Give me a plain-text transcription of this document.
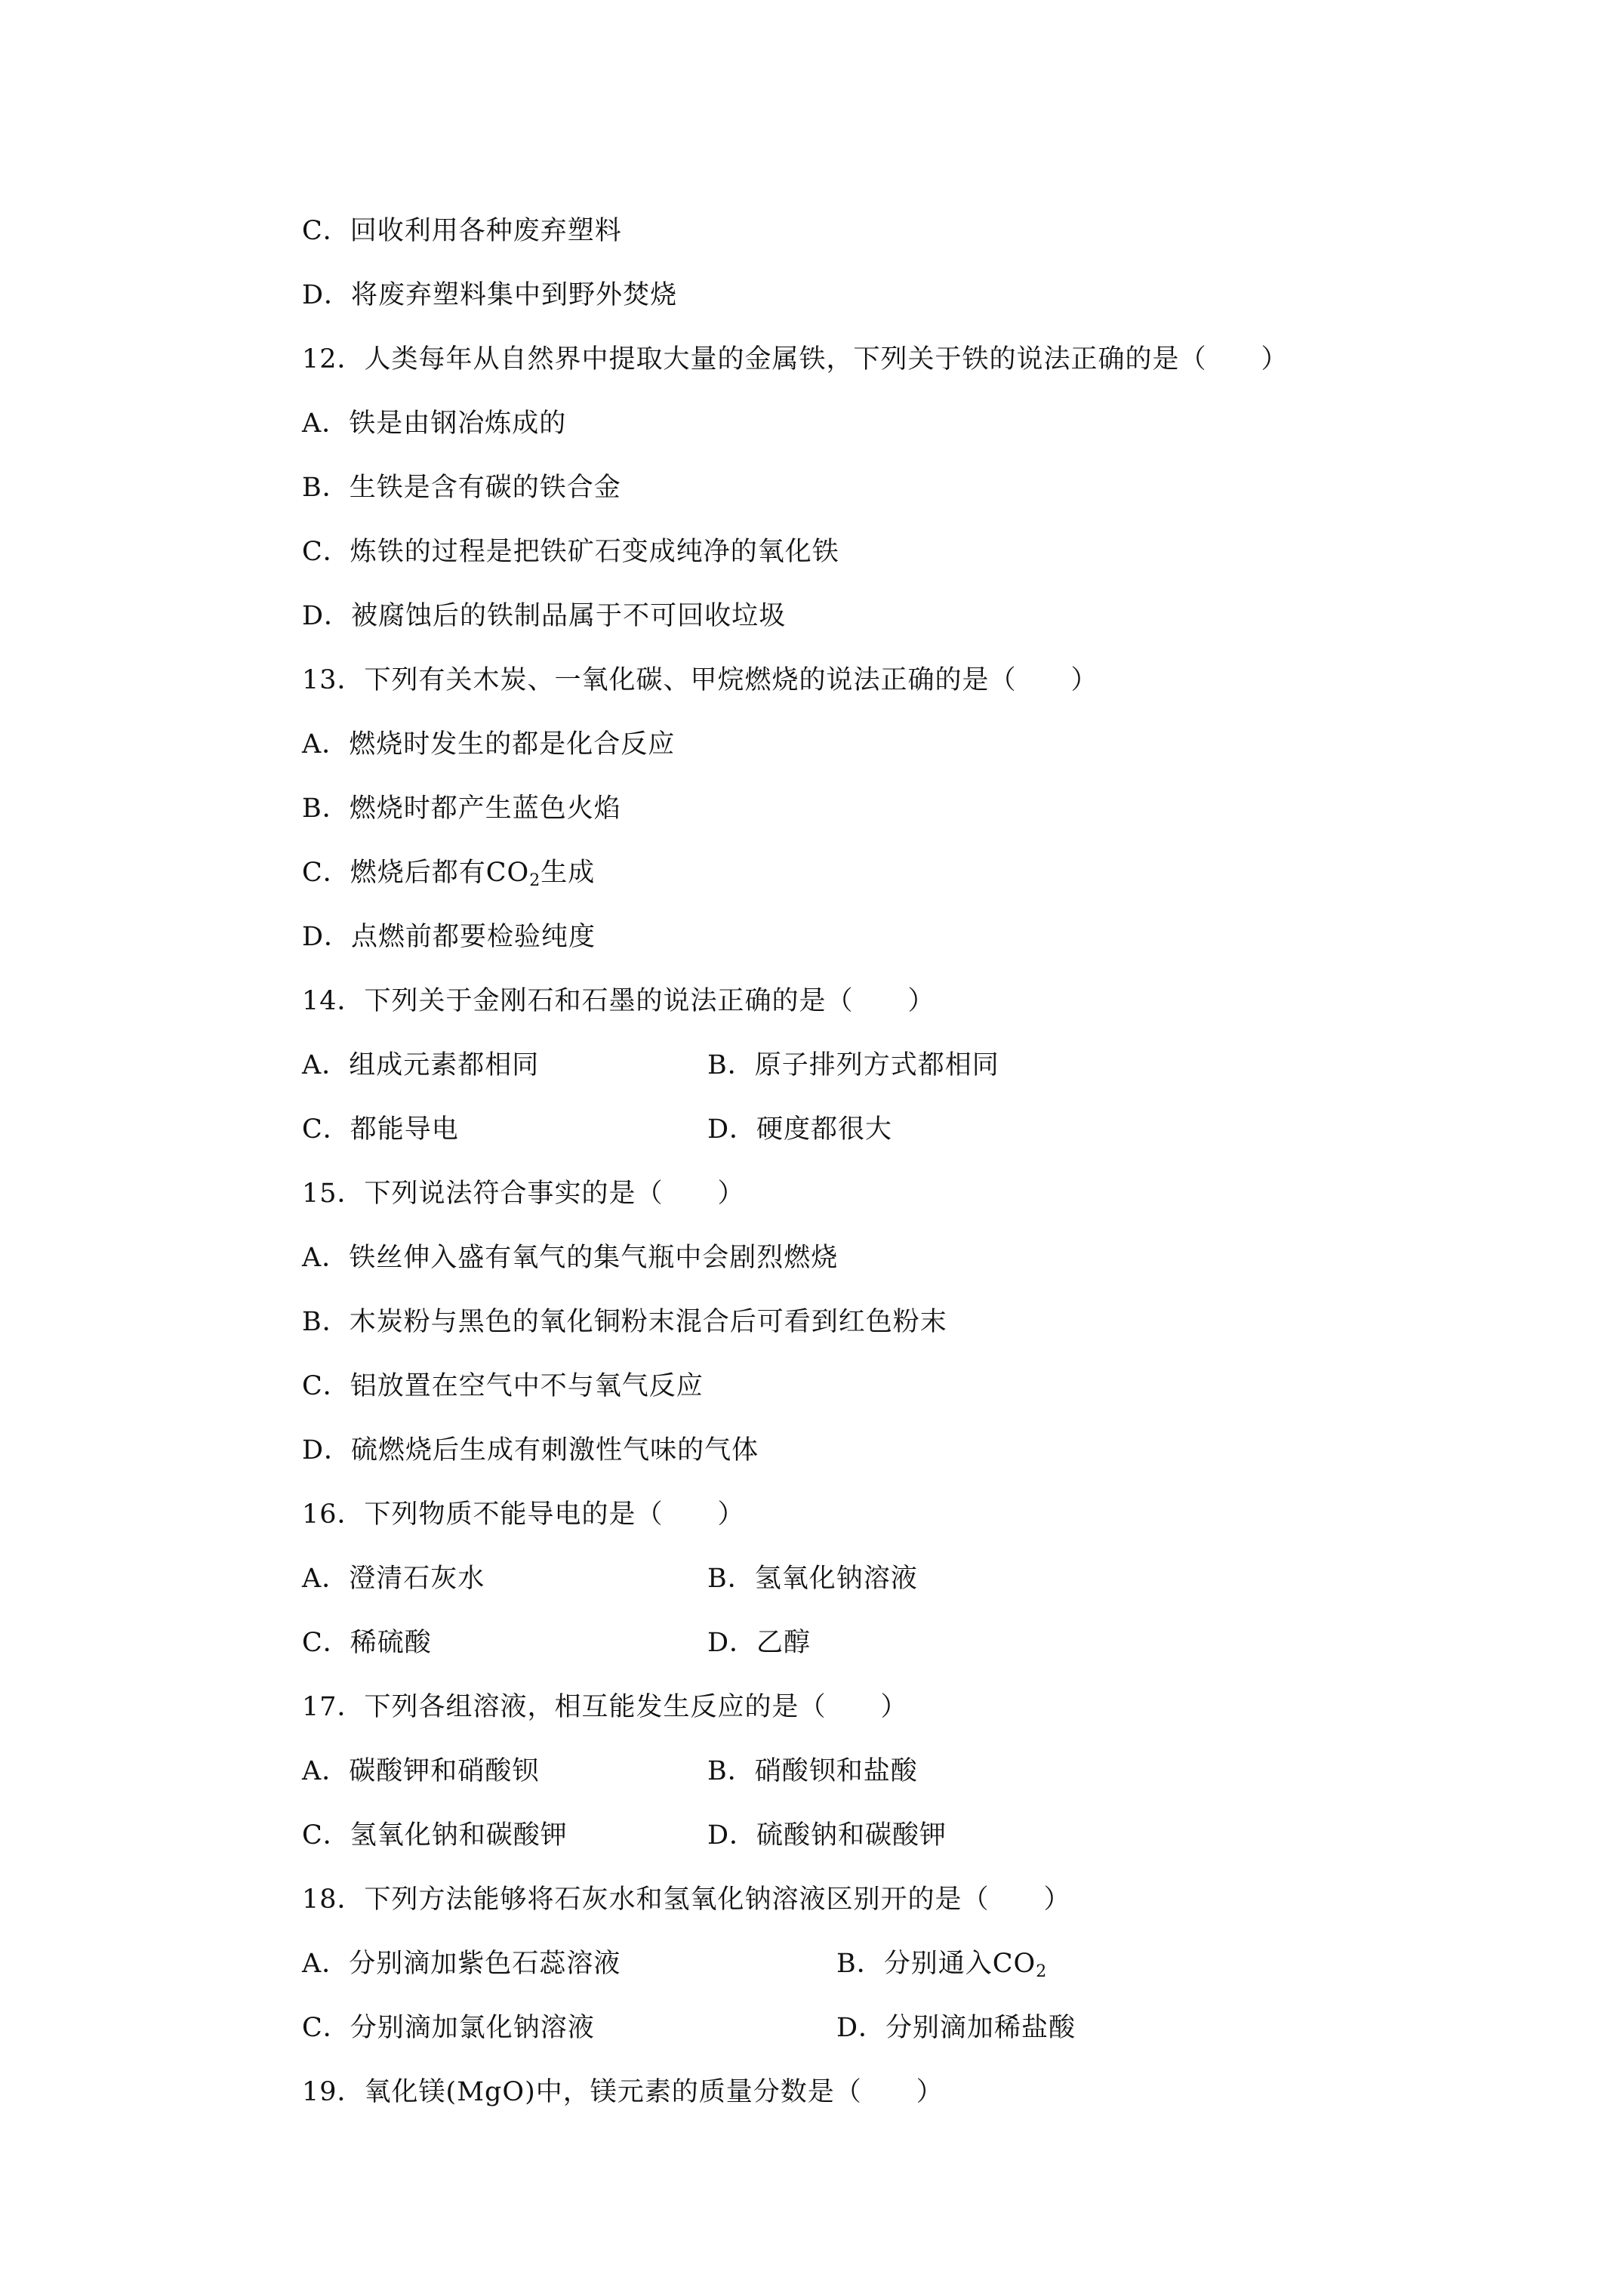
C．回收利用各种废弃塑料
D．将废弃塑料集中到野外焚烧
12．人类每年从自然界中提取大量的金属铁，下列关于铁的说法正确的是（　　）
A．铁是由钢冶炼成的
B．生铁是含有碳的铁合金
C．炼铁的过程是把铁矿石变成纯净的氧化铁
D．被腐蚀后的铁制品属于不可回收垃圾
13．下列有关木炭、一氧化碳、甲烷燃烧的说法正确的是（　　）
A．燃烧时发生的都是化合反应
B．燃烧时都产生蓝色火焰
C．燃烧后都有$CO_2$生成
D．点燃前都要检验纯度
14．下列关于金刚石和石墨的说法正确的是（　　）
A．组成元素都相同	B．原子排列方式都相同
C．都能导电	D．硬度都很大
15．下列说法符合事实的是（　　）
A．铁丝伸入盛有氧气的集气瓶中会剧烈燃烧
B．木炭粉与黑色的氧化铜粉末混合后可看到红色粉末
C．铝放置在空气中不与氧气反应
D．硫燃烧后生成有刺激性气味的气体
16．下列物质不能导电的是（　　）
A．澄清石灰水	B．氢氧化钠溶液
C．稀硫酸	D．乙醇
17．下列各组溶液，相互能发生反应的是（　　）
A．碳酸钾和硝酸钡	B．硝酸钡和盐酸
C．氢氧化钠和碳酸钾	D．硫酸钠和碳酸钾
18．下列方法能够将石灰水和氢氧化钠溶液区别开的是（　　）
A．分别滴加紫色石蕊溶液	B．分别通入$CO_2$
C．分别滴加氯化钠溶液	D．分别滴加稀盐酸
19．氧化镁(MgO)中，镁元素的质量分数是（　　）
